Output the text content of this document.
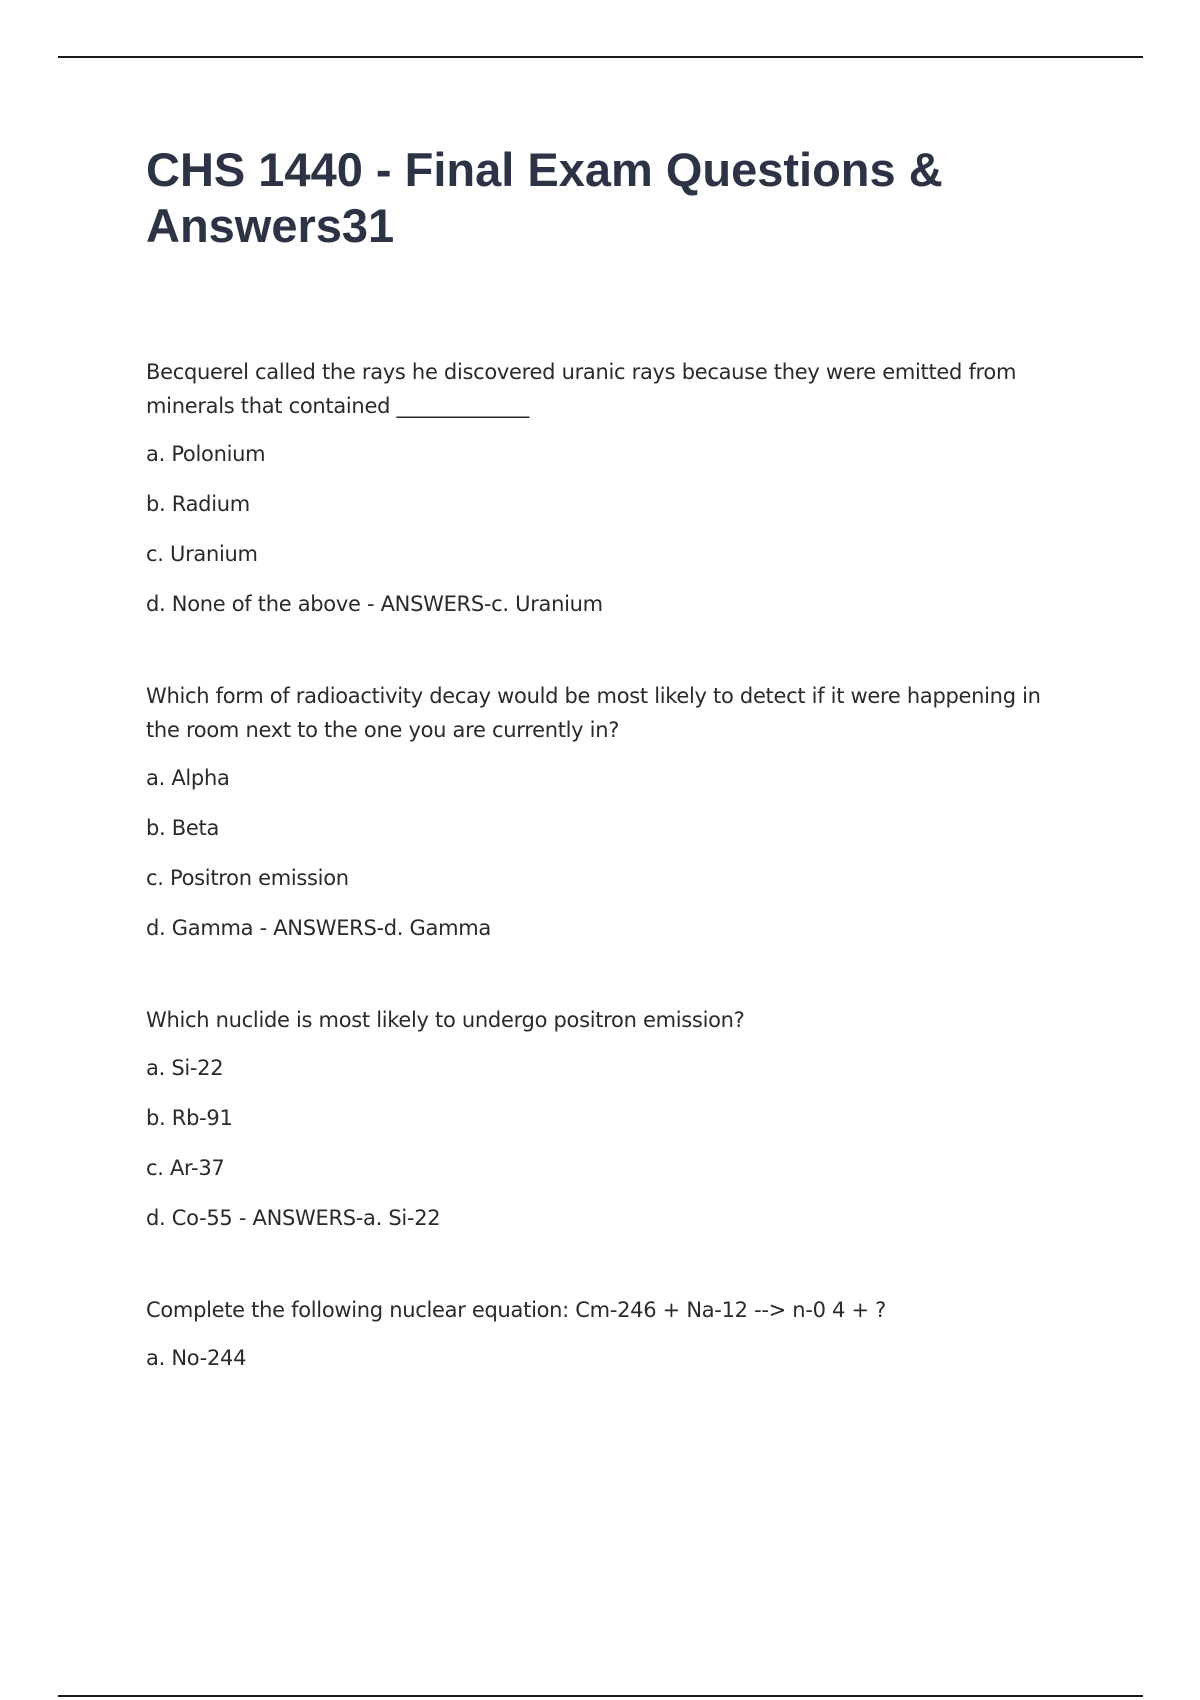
CHS 1440 - Final Exam Questions & Answers31

Becquerel called the rays he discovered uranic rays because they were emitted from minerals that contained _____________

a. Polonium

b. Radium

c. Uranium

d. None of the above - ANSWERS-c. Uranium

Which form of radioactivity decay would be most likely to detect if it were happening in the room next to the one you are currently in?

a. Alpha

b. Beta

c. Positron emission

d. Gamma - ANSWERS-d. Gamma

Which nuclide is most likely to undergo positron emission?

a. Si-22

b. Rb-91

c. Ar-37

d. Co-55 - ANSWERS-a. Si-22

Complete the following nuclear equation: Cm-246 + Na-12 --> n-0 4 + ?

a. No-244
